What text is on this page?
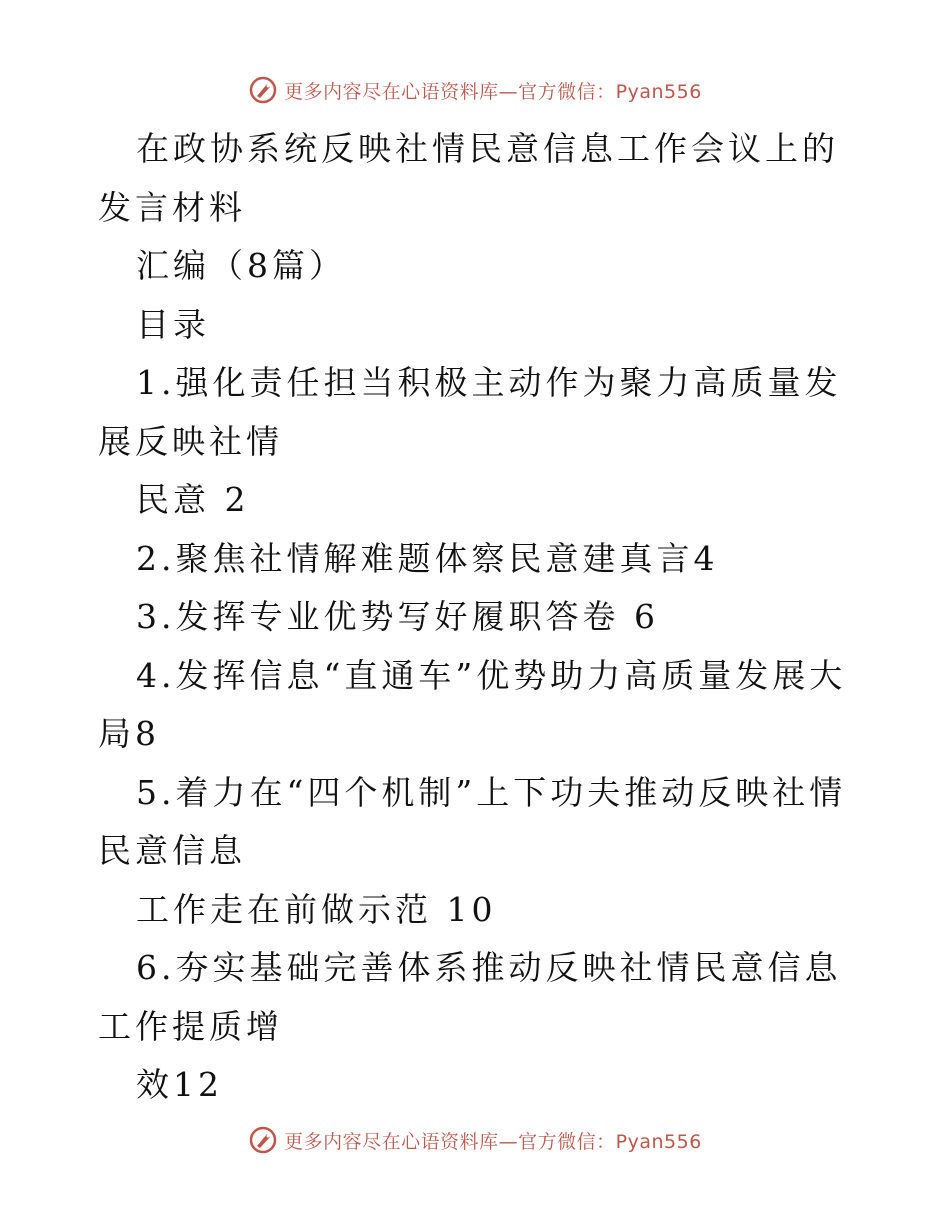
更多内容尽在心语资料库—官方微信：Pyan556

在政协系统反映社情民意信息工作会议上的发言材料

汇编（8篇）

目录

1.强化责任担当积极主动作为聚力高质量发展反映社情

民意 2

2.聚焦社情解难题体察民意建真言4

3.发挥专业优势写好履职答卷 6

4.发挥信息“直通车”优势助力高质量发展大局8

5.着力在“四个机制”上下功夫推动反映社情民意信息

工作走在前做示范 10

6.夯实基础完善体系推动反映社情民意信息工作提质增

效12

更多内容尽在心语资料库—官方微信：Pyan556
